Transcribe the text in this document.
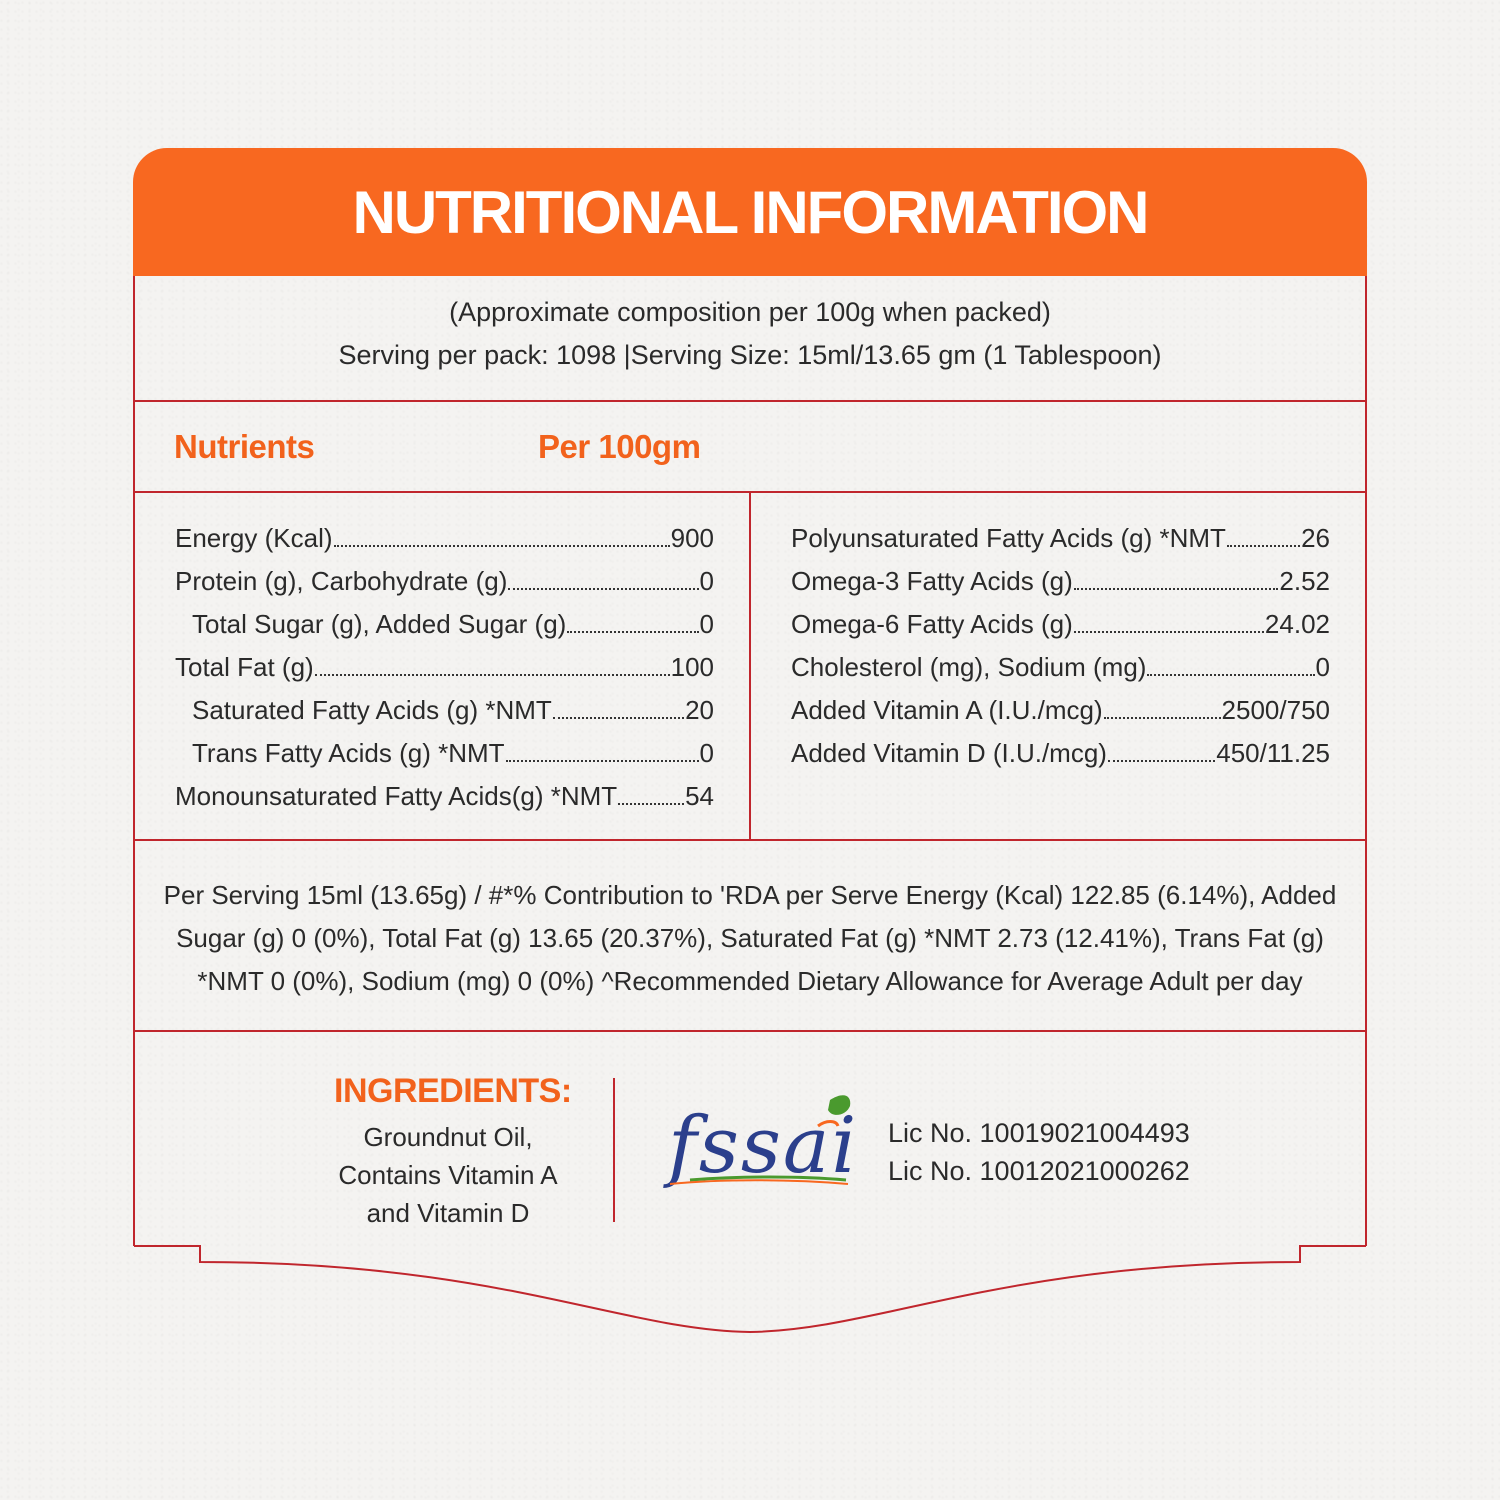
NUTRITIONAL INFORMATION
(Approximate composition per 100g when packed)
Serving per pack: 1098 |Serving Size: 15ml/13.65 gm (1 Tablespoon)
Nutrients	Per 100gm
Energy (Kcal)	900
Protein (g), Carbohydrate (g)	0
Total Sugar (g), Added Sugar (g)	0
Total Fat (g)	100
Saturated Fatty Acids (g) *NMT	20
Trans Fatty Acids (g) *NMT	0
Monounsaturated Fatty Acids(g) *NMT	54
Polyunsaturated Fatty Acids (g) *NMT	26
Omega-3 Fatty Acids (g)	2.52
Omega-6 Fatty Acids (g)	24.02
Cholesterol (mg), Sodium (mg)	0
Added Vitamin A (I.U./mcg)	2500/750
Added Vitamin D (I.U./mcg)	450/11.25
Per Serving 15ml (13.65g) / #*% Contribution to 'RDA per Serve Energy (Kcal) 122.85 (6.14%), Added Sugar (g) 0 (0%), Total Fat (g) 13.65 (20.37%), Saturated Fat (g) *NMT 2.73 (12.41%), Trans Fat (g) *NMT 0 (0%), Sodium (mg) 0 (0%) ^Recommended Dietary Allowance for Average Adult per day
INGREDIENTS:
Groundnut Oil,
Contains Vitamin A
and Vitamin D
fssai Lic No. 10019021004493
Lic No. 10012021000262
